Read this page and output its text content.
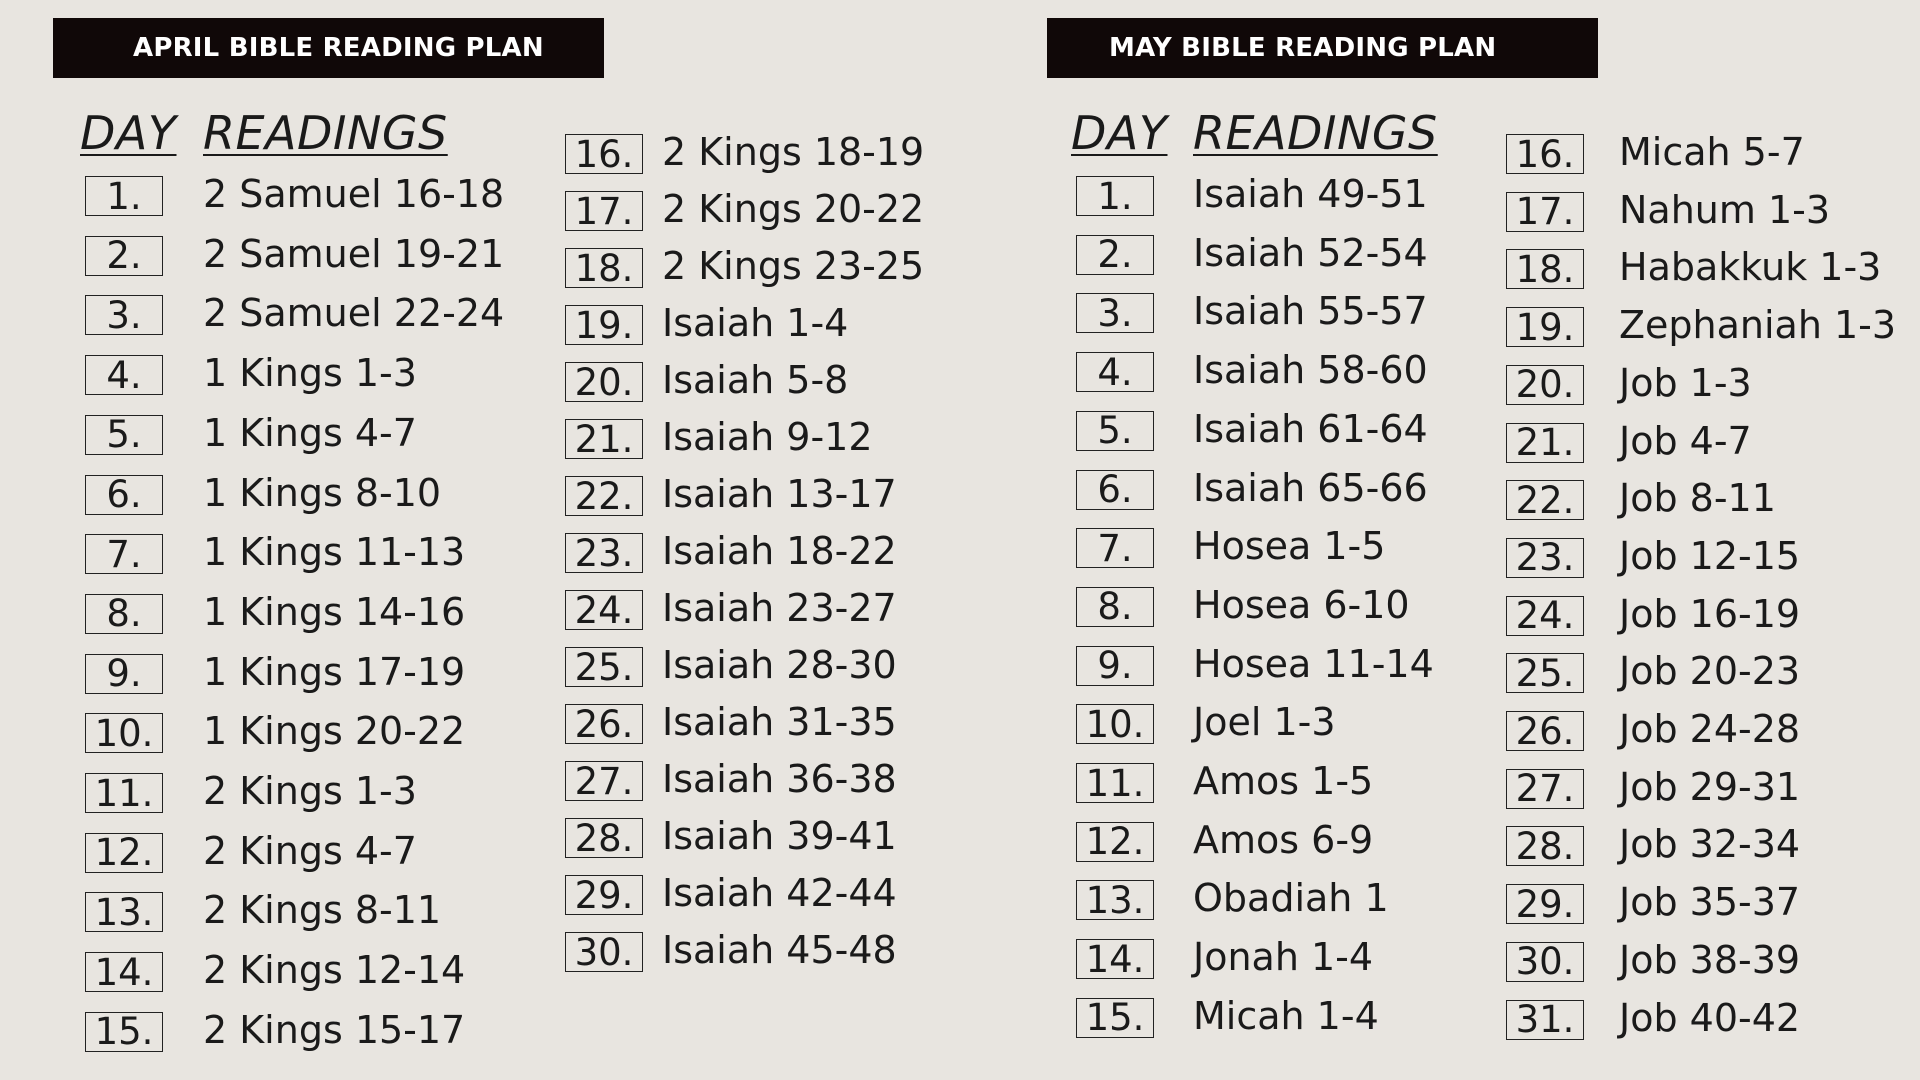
APRIL BIBLE READING PLAN
DAY READINGS
1.	2 Samuel 16-18
2.	2 Samuel 19-21
3.	2 Samuel 22-24
4.	1 Kings 1-3
5.	1 Kings 4-7
6.	1 Kings 8-10
7.	1 Kings 11-13
8.	1 Kings 14-16
9.	1 Kings 17-19
10. 1 Kings 20-22
11. 2 Kings 1-3
12. 2 Kings 4-7
13. 2 Kings 8-11
14. 2 Kings 12-14
15. 2 Kings 15-17
16. 2 Kings 18-19
17. 2 Kings 20-22
18. 2 Kings 23-25
19. Isaiah 1-4
20. Isaiah 5-8
21. Isaiah 9-12
22. Isaiah 13-17
23. Isaiah 18-22
24. Isaiah 23-27
25. Isaiah 28-30
26. Isaiah 31-35
27. Isaiah 36-38
28. Isaiah 39-41
29. Isaiah 42-44
30. Isaiah 45-48
MAY BIBLE READING PLAN
DAY READINGS
1.	Isaiah 49-51
2.	Isaiah 52-54
3.	Isaiah 55-57
4.	Isaiah 58-60
5.	Isaiah 61-64
6.	Isaiah 65-66
7.	Hosea 1-5
8.	Hosea 6-10
9.	Hosea 11-14
10. Joel 1-3
11. Amos 1-5
12. Amos 6-9
13. Obadiah 1
14. Jonah 1-4
15. Micah 1-4
16. Micah 5-7
17. Nahum 1-3
18. Habakkuk 1-3
19. Zephaniah 1-3
20. Job 1-3
21. Job 4-7
22. Job 8-11
23. Job 12-15
24. Job 16-19
25. Job 20-23
26. Job 24-28
27. Job 29-31
28. Job 32-34
29. Job 35-37
30. Job 38-39
31. Job 40-42
